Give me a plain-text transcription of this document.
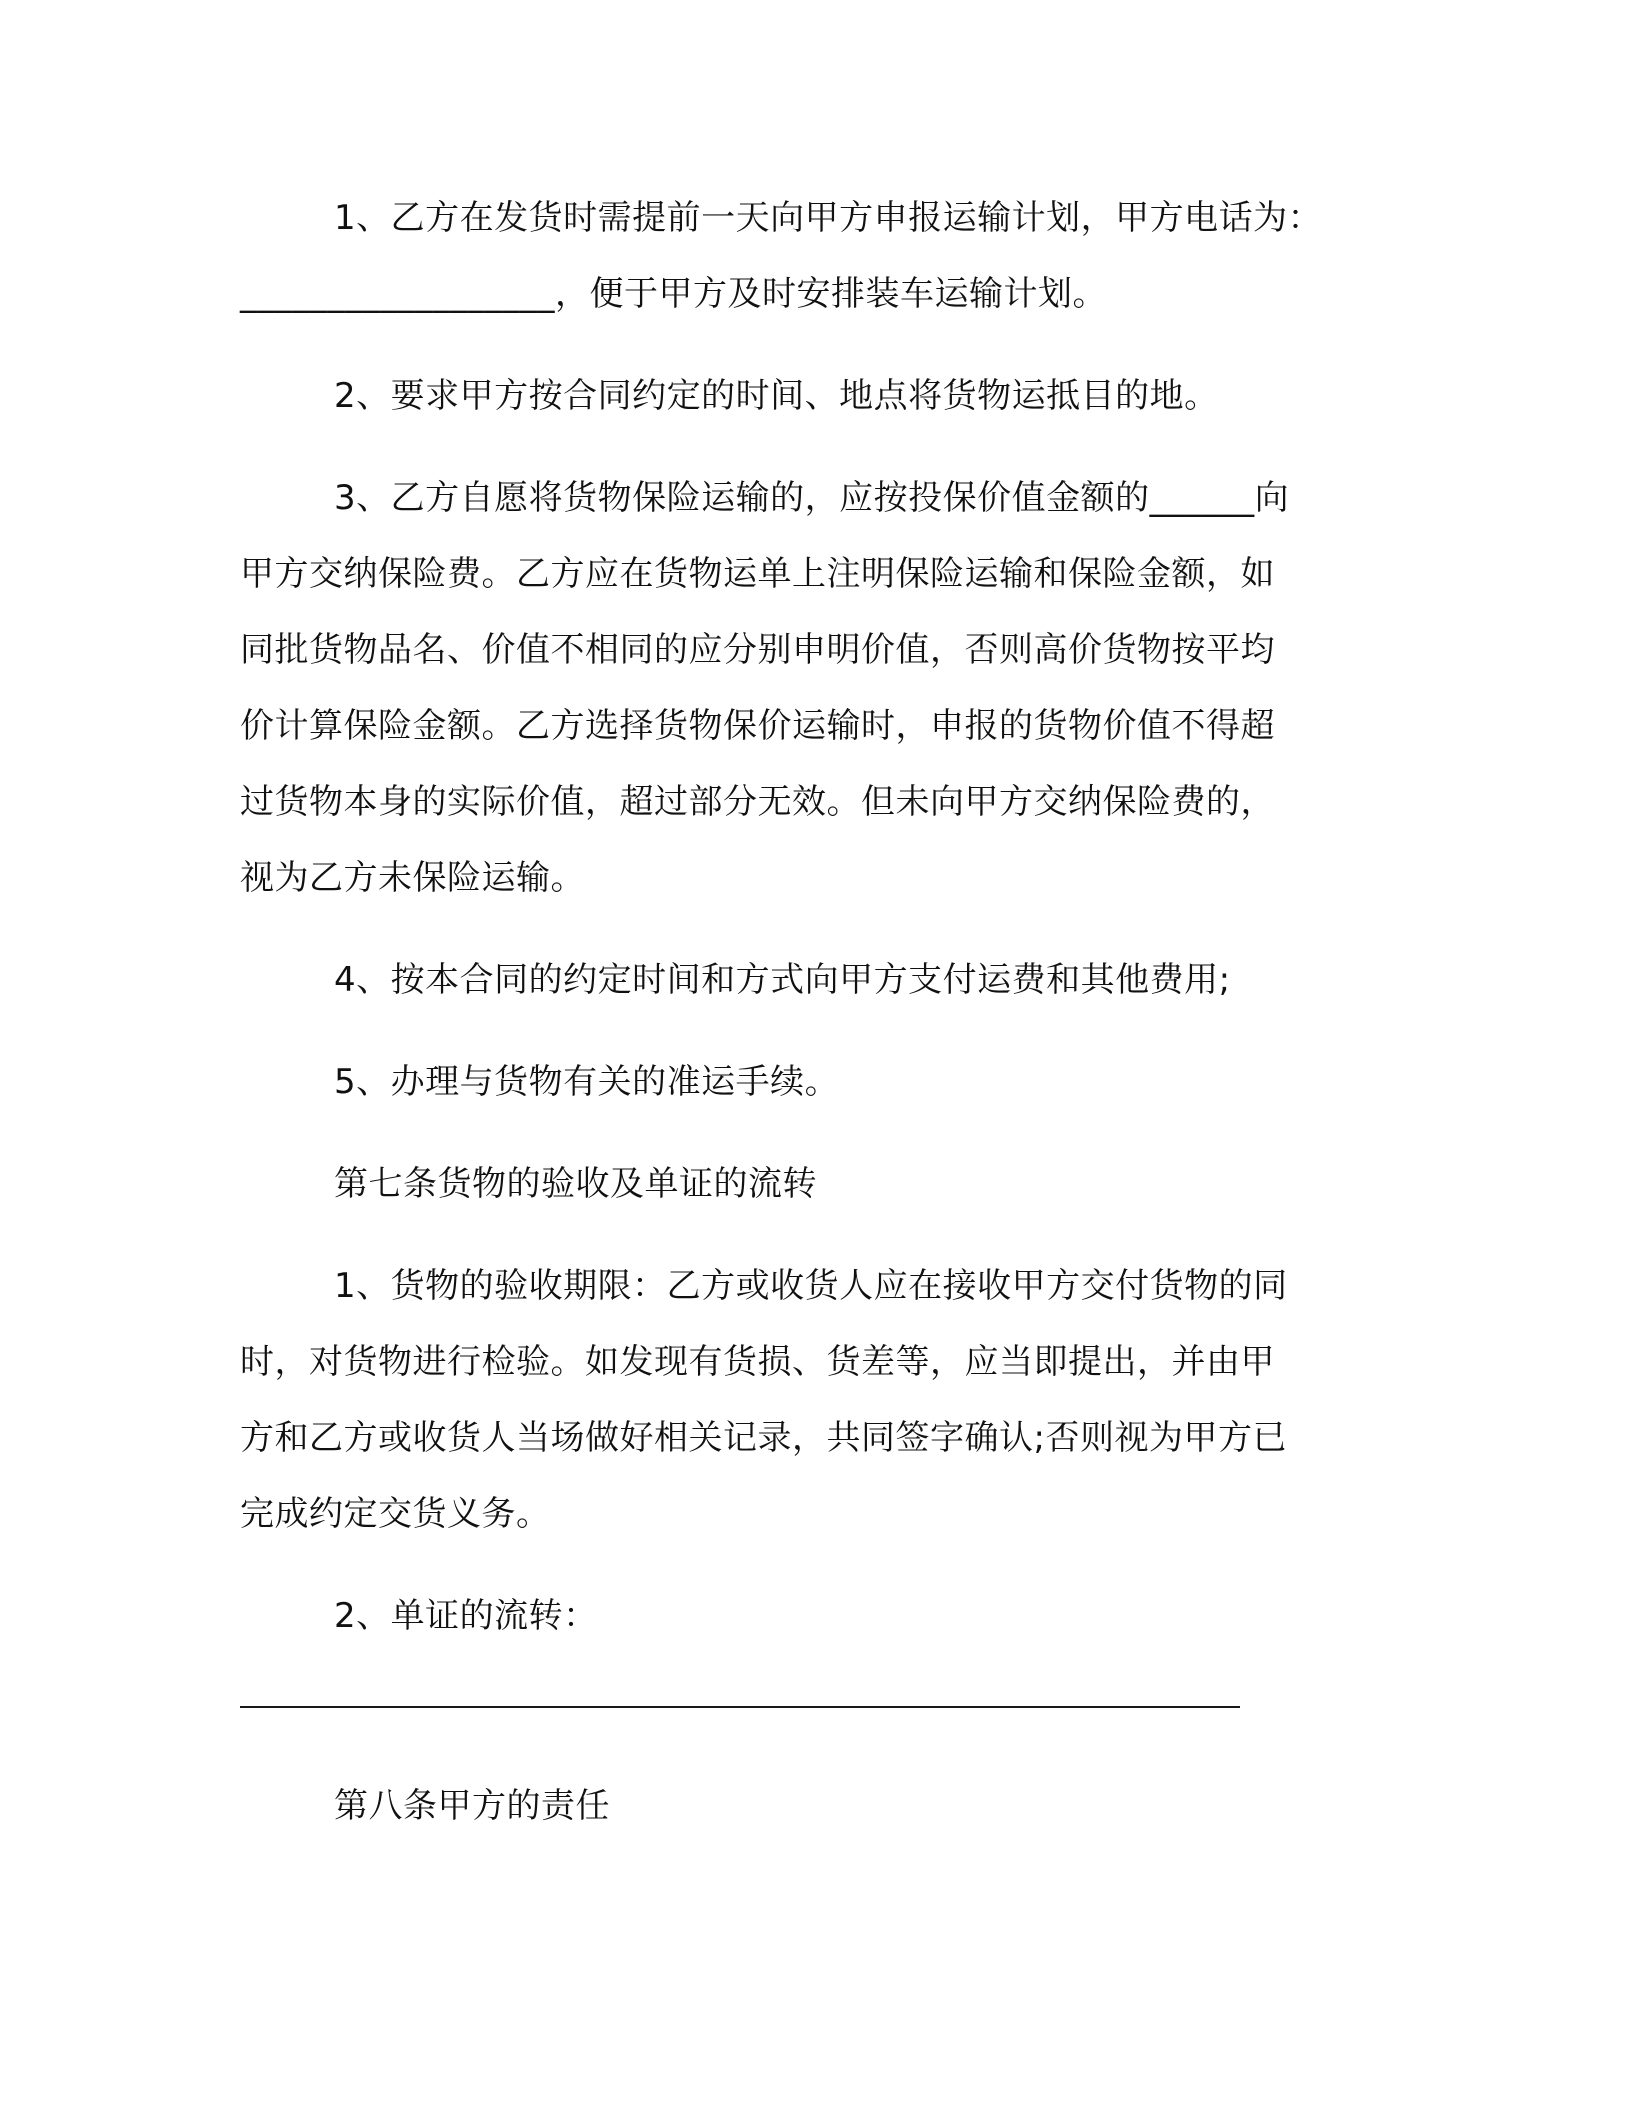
1、乙方在发货时需提前一天向甲方申报运输计划，甲方电话为：
__________________，便于甲方及时安排装车运输计划。
2、要求甲方按合同约定的时间、地点将货物运抵目的地。
3、乙方自愿将货物保险运输的，应按投保价值金额的______向
甲方交纳保险费。乙方应在货物运单上注明保险运输和保险金额，如
同批货物品名、价值不相同的应分别申明价值，否则高价货物按平均
价计算保险金额。乙方选择货物保价运输时，申报的货物价值不得超
过货物本身的实际价值，超过部分无效。但未向甲方交纳保险费的，
视为乙方未保险运输。
4、按本合同的约定时间和方式向甲方支付运费和其他费用;
5、办理与货物有关的准运手续。
第七条货物的验收及单证的流转
1、货物的验收期限：乙方或收货人应在接收甲方交付货物的同
时，对货物进行检验。如发现有货损、货差等，应当即提出，并由甲
方和乙方或收货人当场做好相关记录，共同签字确认;否则视为甲方已
完成约定交货义务。
2、单证的流转：
第八条甲方的责任
